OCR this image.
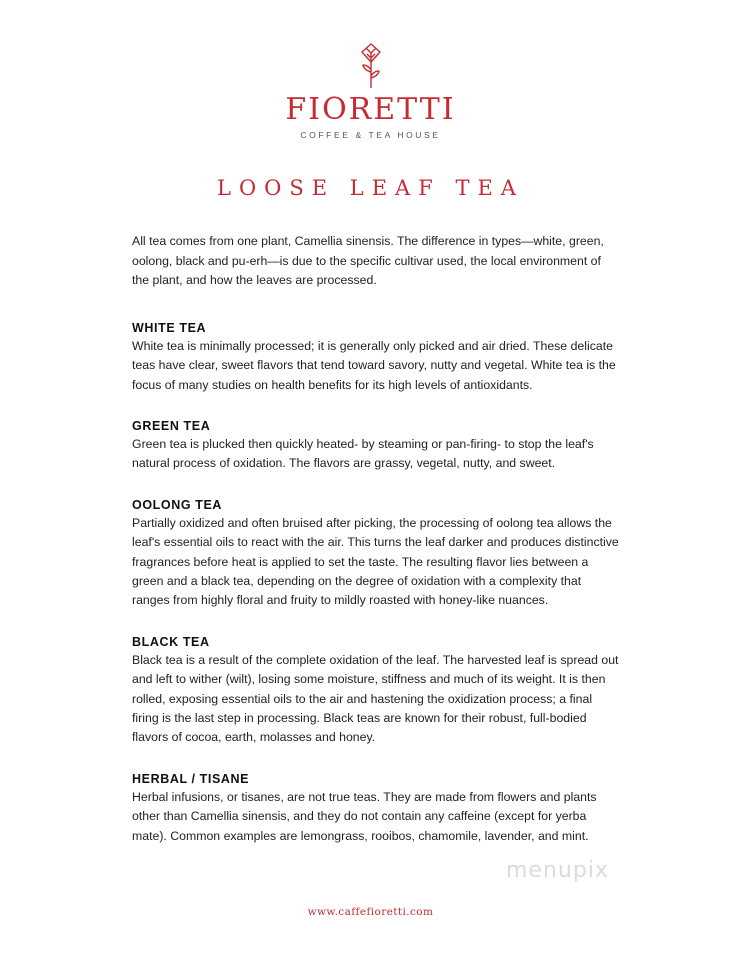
FIORETTI
COFFEE & TEA HOUSE
LOOSE LEAF TEA

All tea comes from one plant, Camellia sinensis. The difference in types—white, green, oolong, black and pu-erh—is due to the specific cultivar used, the local environment of the plant, and how the leaves are processed.

WHITE TEA

White tea is minimally processed; it is generally only picked and air dried. These delicate teas have clear, sweet flavors that tend toward savory, nutty and vegetal. White tea is the focus of many studies on health benefits for its high levels of antioxidants.

GREEN TEA

Green tea is plucked then quickly heated- by steaming or pan-firing- to stop the leaf's natural process of oxidation. The flavors are grassy, vegetal, nutty, and sweet.

OOLONG TEA

Partially oxidized and often bruised after picking, the processing of oolong tea allows the leaf's essential oils to react with the air. This turns the leaf darker and produces distinctive fragrances before heat is applied to set the taste. The resulting flavor lies between a green and a black tea, depending on the degree of oxidation with a complexity that ranges from highly floral and fruity to mildly roasted with honey-like nuances.

BLACK TEA

Black tea is a result of the complete oxidation of the leaf. The harvested leaf is spread out and left to wither (wilt), losing some moisture, stiffness and much of its weight. It is then rolled, exposing essential oils to the air and hastening the oxidization process; a final firing is the last step in processing. Black teas are known for their robust, full-bodied flavors of cocoa, earth, molasses and honey.

HERBAL / TISANE

Herbal infusions, or tisanes, are not true teas. They are made from flowers and plants other than Camellia sinensis, and they do not contain any caffeine (except for yerba mate). Common examples are lemongrass, rooibos, chamomile, lavender, and mint.

menupix
www.caffefioretti.com
